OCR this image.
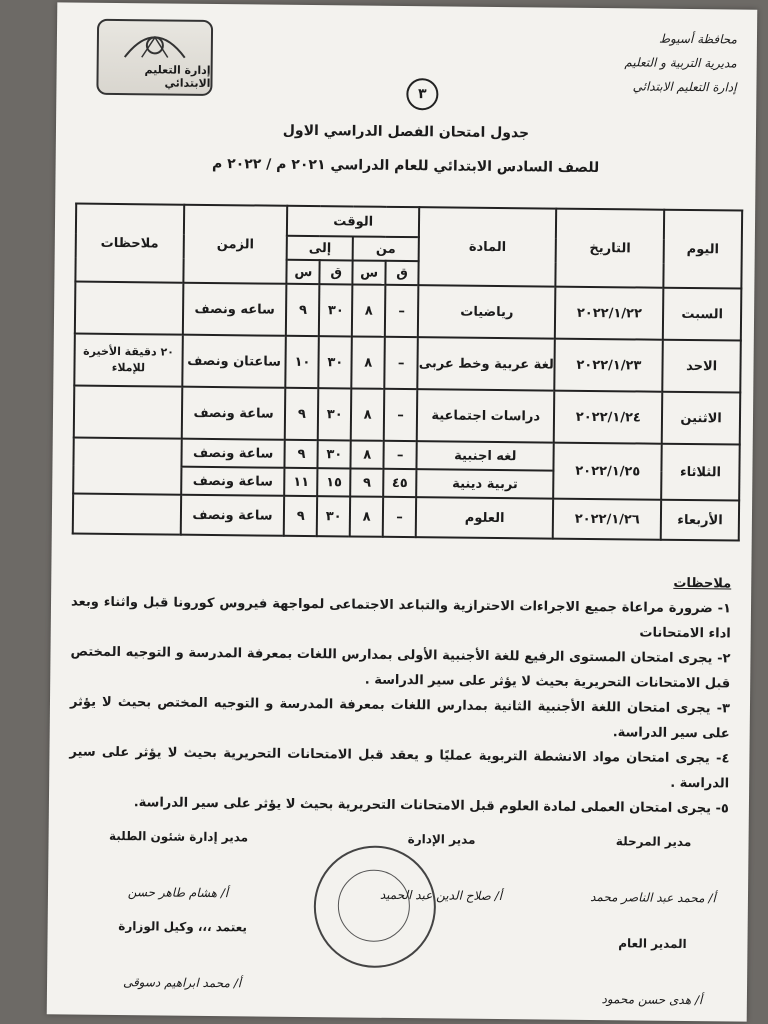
محافظة أسيوط
مديرية التربية و التعليم
إدارة التعليم الابتدائي
إدارة التعليم الابتدائي
٣
جدول امتحان الفصل الدراسي الاول
للصف السادس الابتدائي للعام الدراسي ٢٠٢١ م / ٢٠٢٢ م
اليوم	التاريخ	المادة	الوقت				الزمن	ملاحظات
			من		إلى			
			ق	س	ق	س		
السبت	٢٠٢٢/١/٢٢	رياضيات	–	٨	٣٠	٩	ساعه ونصف	
الاحد	٢٠٢٢/١/٢٣	لغة عربية وخط عربى	–	٨	٣٠	١٠	ساعتان ونصف	٢٠ دقيقة الأخيرة للإملاء
الاثنين	٢٠٢٢/١/٢٤	دراسات اجتماعية	–	٨	٣٠	٩	ساعة ونصف	
الثلاثاء	٢٠٢٢/١/٢٥	لغه اجنبية	–	٨	٣٠	٩	ساعة ونصف	
		تربية دينية	٤٥	٩	١٥	١١	ساعة ونصف	
الأربعاء	٢٠٢٢/١/٢٦	العلوم	–	٨	٣٠	٩	ساعة ونصف	
ملاحظات

١- ضرورة مراعاة جميع الاجراءات الاحترازية والتباعد الاجتماعى لمواجهة فيروس كورونا قبل واثناء وبعد اداء الامتحانات

٢- يجرى امتحان المستوى الرفيع للغة الأجنبية الأولى بمدارس اللغات بمعرفة المدرسة و التوجيه المختص قبل الامتحانات التحريرية بحيث لا يؤثر على سير الدراسة .

٣- يجرى امتحان اللغة الأجنبية الثانية بمدارس اللغات بمعرفة المدرسة و التوجيه المختص بحيث لا يؤثر على سير الدراسة.

٤- يجرى امتحان مواد الانشطة التربوية عمليًا و يعقد قبل الامتحانات التحريرية بحيث لا يؤثر على سير الدراسة .

٥- يجرى امتحان العملى لمادة العلوم قبل الامتحانات التحريرية بحيث لا يؤثر على سير الدراسة.

مدير المرحلة
أ/ محمد عبد الناصر محمد
مدير الإدارة
أ/ صلاح الدين عبد الحميد
مدير إدارة شئون الطلبة
أ/ هشام طاهر حسن
المدير العام
أ/ هدى حسن محمود
يعتمد ،،، وكيل الوزارة
أ/ محمد ابراهيم دسوقى
